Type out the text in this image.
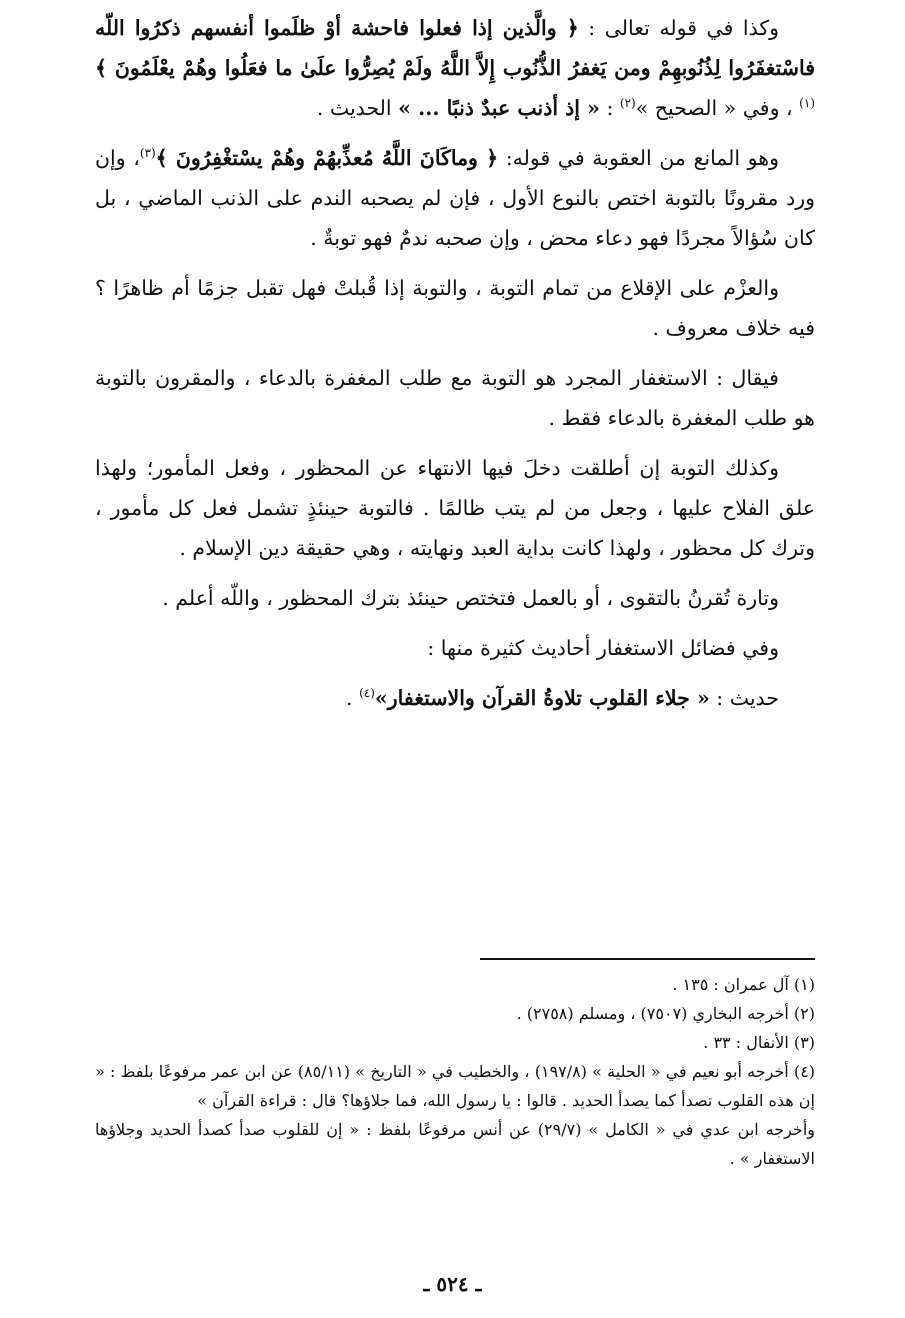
وكذا في قوله تعالى : ﴿ والَّذين إذا فعلوا فاحشة أوْ ظلَموا أنفسهم ذكرُوا اللّه فاسْتغفَرُوا لِذُنُوبهِمْ ومن يَغفرُ الذُّنُوب إِلاَّ اللَّهُ ولَمْ يُصِرُّوا علَىٰ ما فعَلُوا وهُمْ يعْلَمُونَ ﴾$^{(١)}$ ، وفي « الصحيح »$^{(٢)}$ : « إذ أذنب عبدٌ ذنبًا ... » الحديث .

وهو المانع من العقوبة في قوله: ﴿ وماكَانَ اللَّهُ مُعذِّبهُمْ وهُمْ يسْتغْفِرُونَ ﴾$^{(٣)}$، وإن ورد مقرونًا بالتوبة اختص بالنوع الأول ، فإن لم يصحبه الندم على الذنب الماضي ، بل كان سُؤالاً مجردًا فهو دعاء محض ، وإن صحبه ندمٌ فهو توبةٌ .

والعزْم على الإقلاع من تمام التوبة ، والتوبة إذا قُبلتْ فهل تقبل جزمًا أم ظاهرًا ؟ فيه خلاف معروف .

فيقال : الاستغفار المجرد هو التوبة مع طلب المغفرة بالدعاء ، والمقرون بالتوبة هو طلب المغفرة بالدعاء فقط .

وكذلك التوبة إن أطلقت دخلَ فيها الانتهاء عن المحظور ، وفعل المأمور؛ ولهذا علق الفلاح عليها ، وجعل من لم يتب ظالمًا . فالتوبة حينئذٍ تشمل فعل كل مأمور ، وترك كل محظور ، ولهذا كانت بداية العبد ونهايته ، وهي حقيقة دين الإسلام .

وتارة تُقرنُ بالتقوى ، أو بالعمل فتختص حينئذ بترك المحظور ، واللّه أعلم .

وفي فضائل الاستغفار أحاديث كثيرة منها :

حديث : « جلاء القلوب تلاوةُ القرآن والاستغفار»$^{(٤)}$ .

(١) آل عمران : ١٣٥ .

(٢) أخرجه البخاري (٧٥٠٧) ، ومسلم (٢٧٥٨) .

(٣) الأنفال : ٣٣ .

(٤) أخرجه أبو نعيم في « الحلية » (١٩٧/٨) ، والخطيب في « التاريخ » (٨٥/١١) عن ابن عمر مرفوعًا بلفظ : « إن هذه القلوب تصدأ كما يصدأ الحديد . قالوا : يا رسول الله، فما جلاؤها؟ قال : قراءة القرآن »

وأخرجه ابن عدي في « الكامل » (٢٩/٧) عن أنس مرفوعًا بلفظ : « إن للقلوب صدأ كصدأ الحديد وجلاؤها الاستغفار » .

ـ ٥٢٤ ـ
